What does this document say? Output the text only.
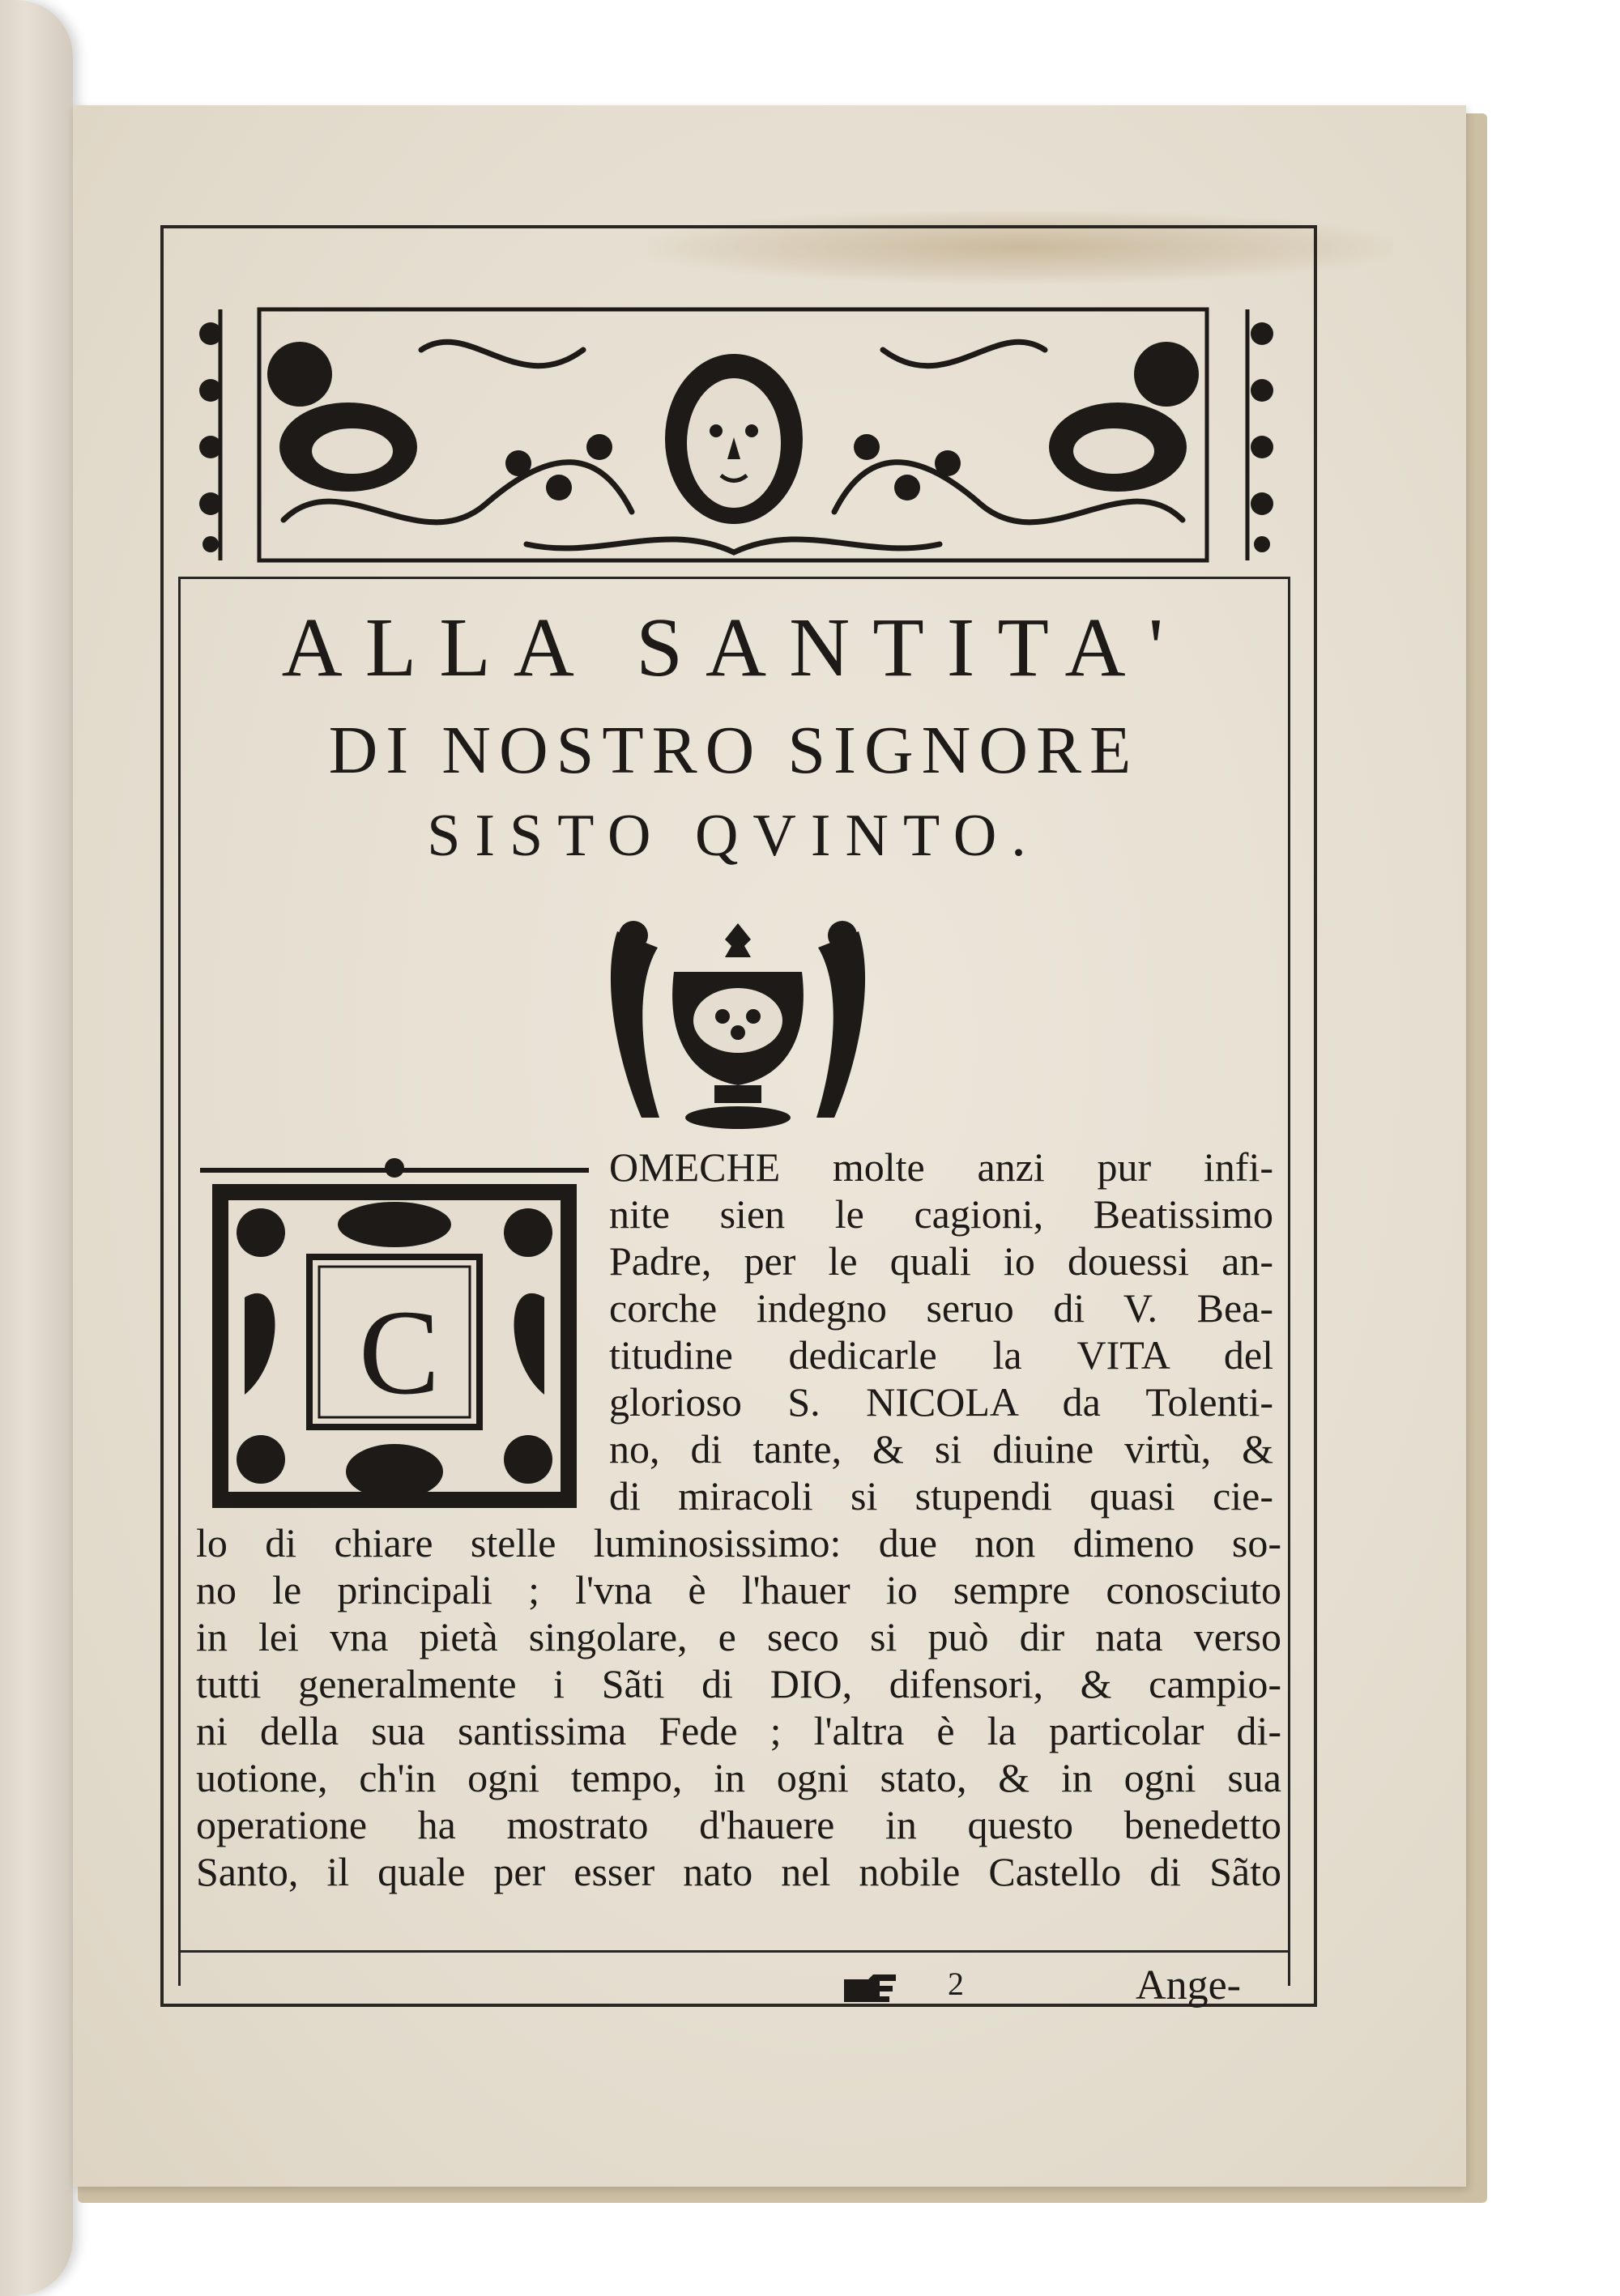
ALLA SANTITA'
DI NOSTRO SIGNORE
SISTO QVINTO.
C

OMECHE molte anzi pur infi-

nite sien le cagioni, Beatissimo

Padre, per le quali io douessi an-

corche indegno seruo di V. Bea-

titudine dedicarle la VITA del

glorioso S. NICOLA da Tolenti-

no, di tante, & si diuine virtù, &

di miracoli si stupendi quasi cie-

lo di chiare stelle luminosissimo: due non dimeno so-

no le principali ; l'vna è l'hauer io sempre conosciuto

in lei vna pietà singolare, e seco si può dir nata verso

tutti generalmente i Sãti di DIO, difensori, & campio-

ni della sua santissima Fede ; l'altra è la particolar di-

uotione, ch'in ogni tempo, in ogni stato, & in ogni sua

operatione ha mostrato d'hauere in questo benedetto

Santo, il quale per esser nato nel nobile Castello di Sãto

2	Ange-
